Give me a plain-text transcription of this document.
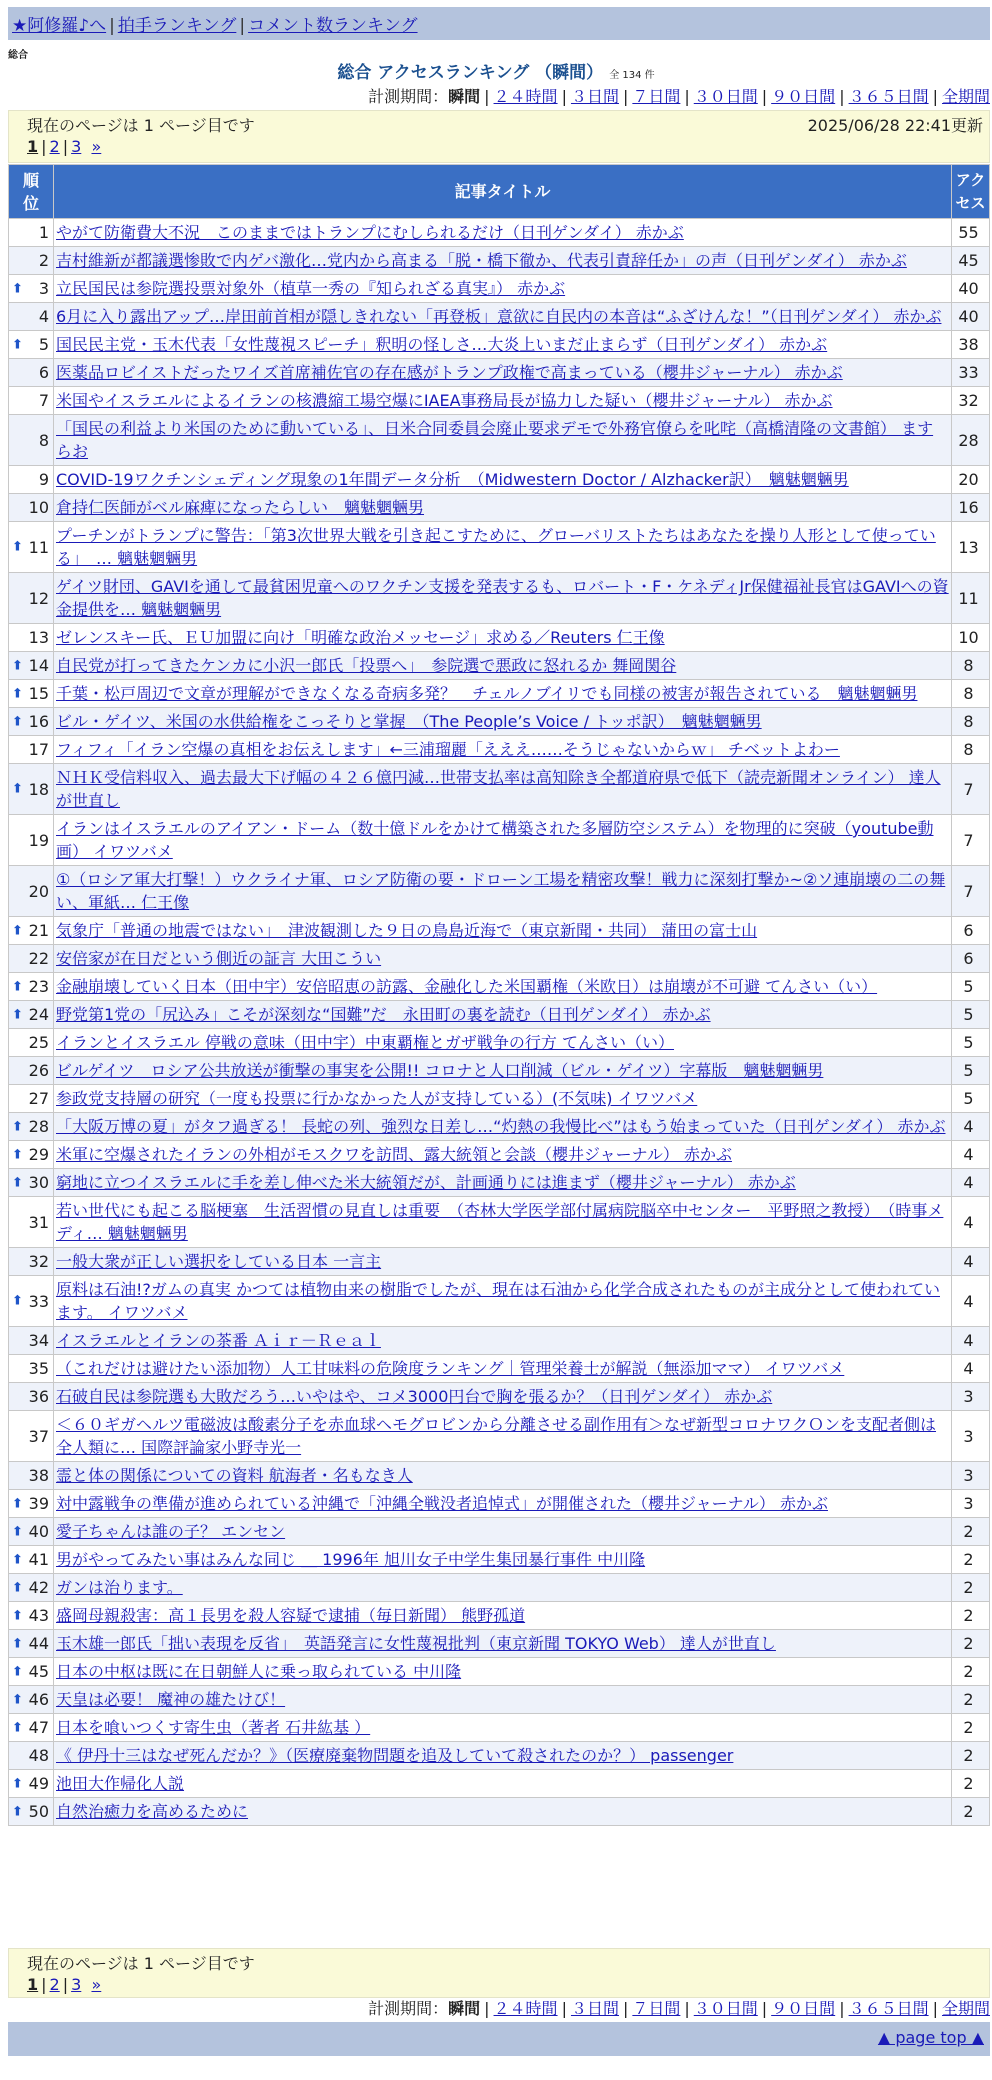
★阿修羅♪へ | 拍手ランキング | コメント数ランキング
総合
総合 アクセスランキング （瞬間） 全 134 件
計測期間：瞬間 | ２４時間 | ３日間 | ７日間 | ３０日間 | ９０日間 | ３６５日間 | 全期間
現在のページは 1 ページ目です	2025/06/28 22:41更新
1 | 2 | 3 »
順位	記事タイトル	アクセス

1	やがて防衛費大不況　このままではトランプにむしられるだけ（日刊ゲンダイ） 赤かぶ	55
2	吉村維新が都議選惨敗で内ゲバ激化…党内から高まる「脱・橋下徹か、代表引責辞任か」の声（日刊ゲンダイ） 赤かぶ	45

⬆ 3	立民国民は参院選投票対象外（植草一秀の『知られざる真実』） 赤かぶ	40
4	6月に入り露出アップ…岸田前首相が隠しきれない「再登板」意欲に自民内の本音は“ふざけんな！”（日刊ゲンダイ） 赤かぶ	40

⬆ 5	国民民主党・玉木代表「女性蔑視スピーチ」釈明の怪しさ…大炎上いまだ止まらず（日刊ゲンダイ） 赤かぶ	38
6	医薬品ロビイストだったワイズ首席補佐官の存在感がトランプ政権で高まっている（櫻井ジャーナル） 赤かぶ	33
7	米国やイスラエルによるイランの核濃縮工場空爆にIAEA事務局長が協力した疑い（櫻井ジャーナル） 赤かぶ	32
8	「国民の利益より米国のために動いている」、日米合同委員会廃止要求デモで外務官僚らを叱咤（高橋清隆の文書館） ますらお	28
9	COVID-19ワクチンシェディング現象の1年間データ分析　（Midwestern Doctor / Alzhacker訳）　魑魅魍魎男	20
10	倉持仁医師がベル麻痺になったらしい　魑魅魍魎男	16

⬆ 11	プーチンがトランプに警告：「第3次世界大戦を引き起こすために、グローバリストたちはあなたを操り人形として使っている」　… 魑魅魍魎男	13
12	ゲイツ財団、GAVIを通して最貧困児童へのワクチン支援を発表するも、ロバート・F・ケネディJr保健福祉長官はGAVIへの資金提供を… 魑魅魍魎男	11
13	ゼレンスキー氏、ＥＵ加盟に向け「明確な政治メッセージ」求める／Reuters 仁王像	10

⬆ 14	自民党が打ってきたケンカに小沢一郎氏「投票へ」　参院選で悪政に怒れるか 舞岡関谷	8

⬆ 15	千葉・松戸周辺で文章が理解ができなくなる奇病多発？　チェルノブイリでも同様の被害が報告されている　魑魅魍魎男	8

⬆ 16	ビル・ゲイツ、米国の水供給権をこっそりと掌握　（The People’s Voice / トッポ訳）　魑魅魍魎男	8
17	フィフィ「イラン空爆の真相をお伝えします」←三浦瑠麗「えええ……そうじゃないからｗ」 チベットよわー	8

⬆ 18	ＮＨＫ受信料収入、過去最大下げ幅の４２６億円減…世帯支払率は高知除き全都道府県で低下（読売新聞オンライン） 達人が世直し	7
19	イランはイスラエルのアイアン・ドーム（数十億ドルをかけて構築された多層防空システム）を物理的に突破（youtube動画） イワツバメ	7
20	①（ロシア軍大打撃！）ウクライナ軍、ロシア防衛の要・ドローン工場を精密攻撃！戦力に深刻打撃か~②ソ連崩壊の二の舞い、軍紙… 仁王像	7

⬆ 21	気象庁「普通の地震ではない」　津波観測した９日の鳥島近海で（東京新聞・共同） 蒲田の富士山	6
22	安倍家が在日だという側近の証言 大田こうい	6

⬆ 23	金融崩壊していく日本（田中宇）安倍昭恵の訪露、金融化した米国覇権（米欧日）は崩壊が不可避 てんさい（い）	5

⬆ 24	野党第1党の「尻込み」こそが深刻な“国難”だ　永田町の裏を読む（日刊ゲンダイ） 赤かぶ	5
25	イランとイスラエル 停戦の意味（田中宇）中東覇権とガザ戦争の行方 てんさい（い）	5
26	ビルゲイツ　ロシア公共放送が衝撃の事実を公開!! コロナと人口削減（ビル・ゲイツ）字幕版　魑魅魍魎男	5
27	参政党支持層の研究（一度も投票に行かなかった人が支持している）(不気味) イワツバメ	5

⬆ 28	「大阪万博の夏」がタフ過ぎる！ 長蛇の列、強烈な日差し…“灼熱の我慢比べ”はもう始まっていた（日刊ゲンダイ） 赤かぶ	4

⬆ 29	米軍に空爆されたイランの外相がモスクワを訪問、露大統領と会談（櫻井ジャーナル） 赤かぶ	4

⬆ 30	窮地に立つイスラエルに手を差し伸べた米大統領だが、計画通りには進まず（櫻井ジャーナル） 赤かぶ	4
31	若い世代にも起こる脳梗塞　生活習慣の見直しは重要　（杏林大学医学部付属病院脳卒中センター　平野照之教授）　（時事メディ… 魑魅魍魎男	4
32	一般大衆が正しい選択をしている日本 一言主	4

⬆ 33	原料は石油!?ガムの真実 かつては植物由来の樹脂でしたが、現在は石油から化学合成されたものが主成分として使われています。 イワツバメ	4
34	イスラエルとイランの茶番 Ａｉｒ－Ｒｅａｌ	4
35	（これだけは避けたい添加物）人工甘味料の危険度ランキング｜管理栄養士が解説（無添加ママ） イワツバメ	4
36	石破自民は参院選も大敗だろう…いやはや、コメ3000円台で胸を張るか？（日刊ゲンダイ） 赤かぶ	3
37	＜６０ギガヘルツ電磁波は酸素分子を赤血球ヘモグロビンから分離させる副作用有＞なぜ新型コロナワクＯンを支配者側は全人類に… 国際評論家小野寺光一	3
38	霊と体の関係についての資料 航海者・名もなき人	3

⬆ 39	対中露戦争の準備が進められている沖縄で「沖縄全戦没者追悼式」が開催された（櫻井ジャーナル） 赤かぶ	3

⬆ 40	愛子ちゃんは誰の子？ エンセン	2

⬆ 41	男がやってみたい事はみんな同じ ＿ 1996年 旭川女子中学生集団暴行事件 中川隆	2

⬆ 42	ガンは治ります。	2

⬆ 43	盛岡母親殺害：高１長男を殺人容疑で逮捕（毎日新聞） 熊野孤道	2

⬆ 44	玉木雄一郎氏「拙い表現を反省」　英語発言に女性蔑視批判（東京新聞 TOKYO Web） 達人が世直し	2

⬆ 45	日本の中枢は既に在日朝鮮人に乗っ取られている 中川隆	2

⬆ 46	天皇は必要！ 魔神の雄たけび！	2

⬆ 47	日本を喰いつくす寄生虫（著者 石井紘基 ）	2
48	《 伊丹十三はなぜ死んだか？》（医療廃棄物問題を追及していて殺されたのか？） passenger	2

⬆ 49	池田大作帰化人説	2

⬆ 50	自然治癒力を高めるために	2
現在のページは 1 ページ目です
1 | 2 | 3 »
計測期間：瞬間 | ２４時間 | ３日間 | ７日間 | ３０日間 | ９０日間 | ３６５日間 | 全期間
▲ page top ▲
